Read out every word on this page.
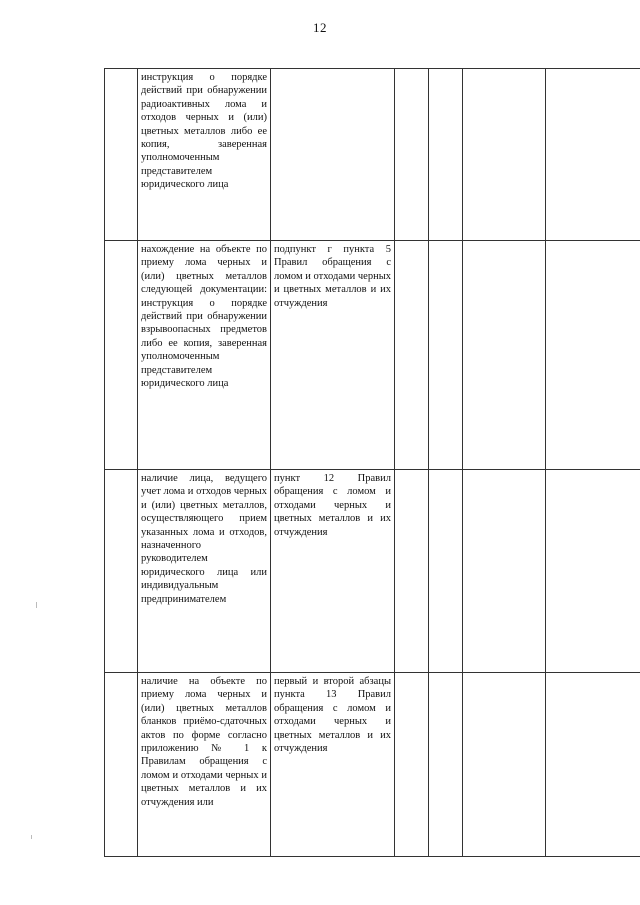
12

	инструкция о порядке действий при обнаружении радиоактивных лома и отходов черных и (или) цветных металлов либо ее копия, заверенная уполномоченным представителем юридического лица					

	нахождение на объекте по приему лома черных и (или) цветных металлов следующей документации: инструкция о порядке действий при обнаружении взрывоопасных предметов либо ее копия, заверенная уполномоченным представителем юридического лица	подпункт г пункта 5 Правил обращения с ломом и отходами черных и цветных металлов и их отчуждения				

	наличие лица, ведущего учет лома и отходов черных и (или) цветных металлов, осуществляющего прием указанных лома и отходов, назначенного руководителем юридического лица или индивидуальным предпринимателем	пункт 12 Правил обращения с ломом и отходами черных и цветных металлов и их отчуждения				

	наличие на объекте по приему лома черных и (или) цветных металлов бланков приёмо-сдаточных актов по форме согласно приложению № 1 к Правилам обращения с ломом и отходами черных и цветных металлов и их отчуждения или	первый и второй абзацы пункта 13 Правил обращения с ломом и отходами черных и цветных металлов и их отчуждения				
